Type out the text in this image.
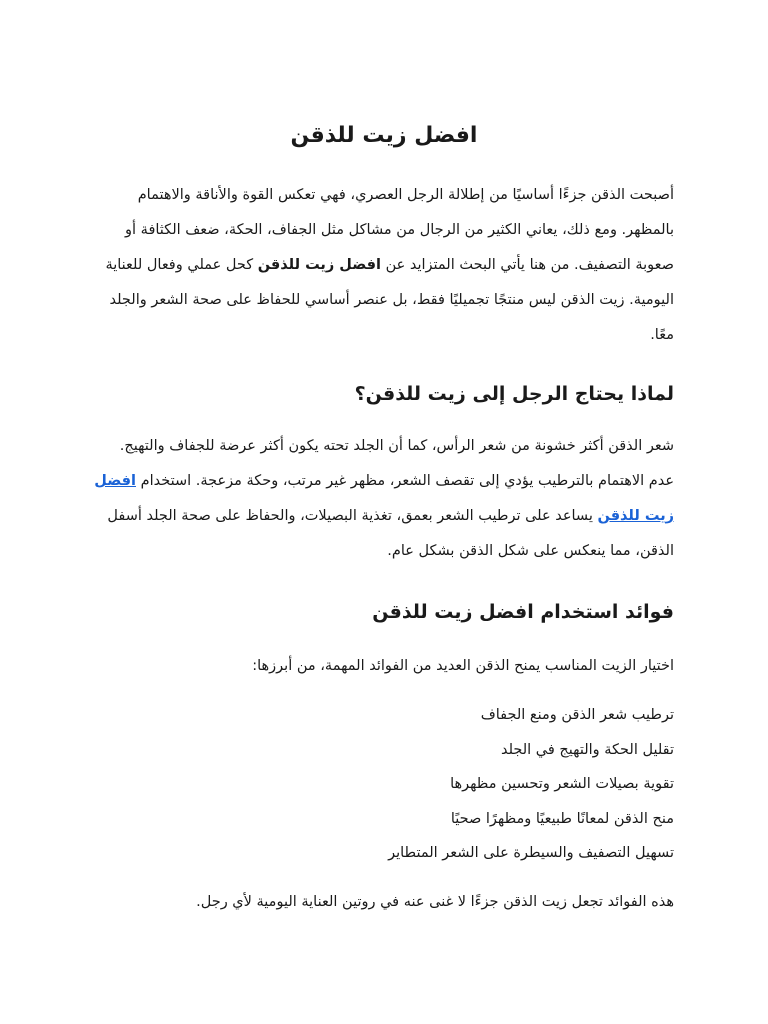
افضل زيت للذقن

أصبحت الذقن جزءًا أساسيًا من إطلالة الرجل العصري، فهي تعكس القوة والأناقة والاهتمام بالمظهر. ومع ذلك، يعاني الكثير من الرجال من مشاكل مثل الجفاف، الحكة، ضعف الكثافة أو صعوبة التصفيف. من هنا يأتي البحث المتزايد عن افضل زيت للذقن كحل عملي وفعال للعناية اليومية. زيت الذقن ليس منتجًا تجميليًا فقط، بل عنصر أساسي للحفاظ على صحة الشعر والجلد معًا.

لماذا يحتاج الرجل إلى زيت للذقن؟

شعر الذقن أكثر خشونة من شعر الرأس، كما أن الجلد تحته يكون أكثر عرضة للجفاف والتهيج. عدم الاهتمام بالترطيب يؤدي إلى تقصف الشعر، مظهر غير مرتب، وحكة مزعجة. استخدام افضل زيت للذقن يساعد على ترطيب الشعر بعمق، تغذية البصيلات، والحفاظ على صحة الجلد أسفل الذقن، مما ينعكس على شكل الذقن بشكل عام.

فوائد استخدام افضل زيت للذقن

اختيار الزيت المناسب يمنح الذقن العديد من الفوائد المهمة، من أبرزها:

ترطيب شعر الذقن ومنع الجفاف
تقليل الحكة والتهيج في الجلد
تقوية بصيلات الشعر وتحسين مظهرها
منح الذقن لمعانًا طبيعيًا ومظهرًا صحيًا
تسهيل التصفيف والسيطرة على الشعر المتطاير

هذه الفوائد تجعل زيت الذقن جزءًا لا غنى عنه في روتين العناية اليومية لأي رجل.
